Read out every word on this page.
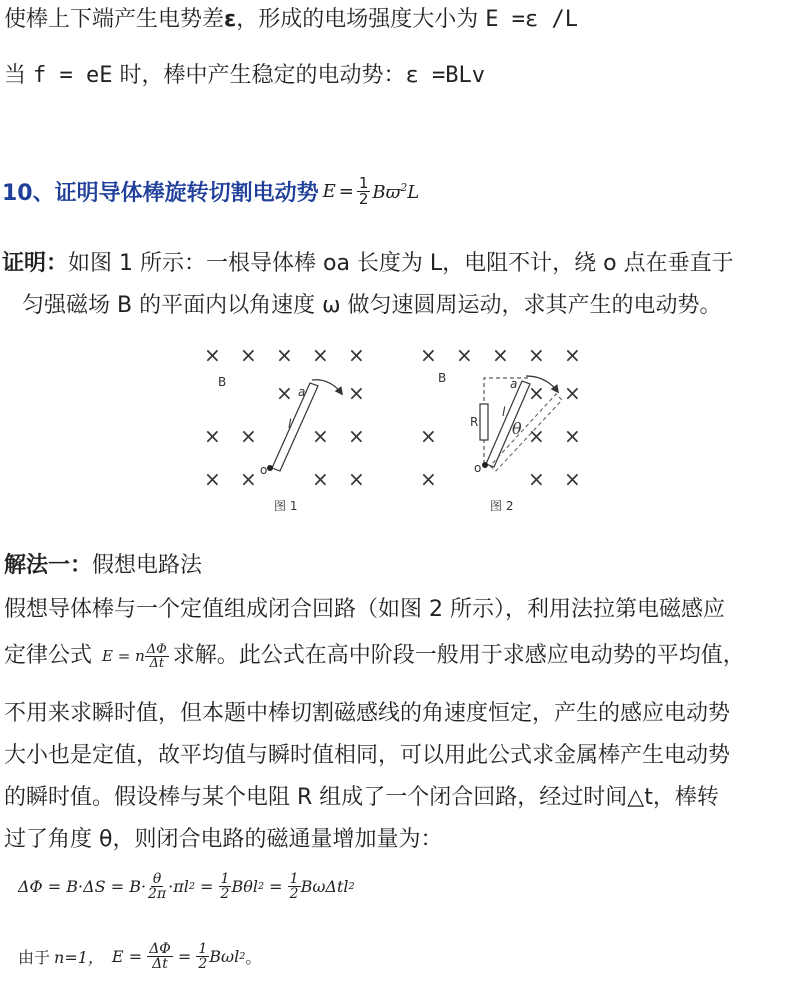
使棒上下端产生电势差ε，形成的电场强度大小为 E =ε /L
当 f = eE 时，棒中产生稳定的电动势：ε =BLv
10、证明导体棒旋转切割电动势 $E = \frac{1}{2} Bϖ^2L$
证明：如图 1 所示：一根导体棒 oa 长度为 L，电阻不计，绕 o 点在垂直于
匀强磁场 B 的平面内以角速度 ω 做匀速圆周运动，求其产生的电动势。
× × × × ×
×	×
× ×	× ×
× ×	× ×
B
o
a
l
图 1
× × × × ×
× ×
×	× ×
×	× ×
B
R
o
a
l
θ
图 2
解法一：假想电路法
假想导体棒与一个定值组成闭合回路（如图 2 所示），利用法拉第电磁感应
定律公式 E = n $\frac{\Delta\Phi}{\Delta t}$ 求解。此公式在高中阶段一般用于求感应电动势的平均值，
不用来求瞬时值，但本题中棒切割磁感线的角速度恒定，产生的感应电动势
大小也是定值，故平均值与瞬时值相同，可以用此公式求金属棒产生电动势
的瞬时值。假设棒与某个电阻 R 组成了一个闭合回路，经过时间△t，棒转
过了角度 θ，则闭合电路的磁通量增加量为：
$\Delta\Phi = B\cdot\Delta S = B\cdot \frac{\theta}{2\pi} \cdot\pi l$ $2 = \frac{1}{2}$ Bθl $2 = \frac{1}{2}$ BωΔtl 2
由于 n=1， $E = \frac{\Delta\Phi}{\Delta t} = \frac{1}{2}$ Bωl 2 。
